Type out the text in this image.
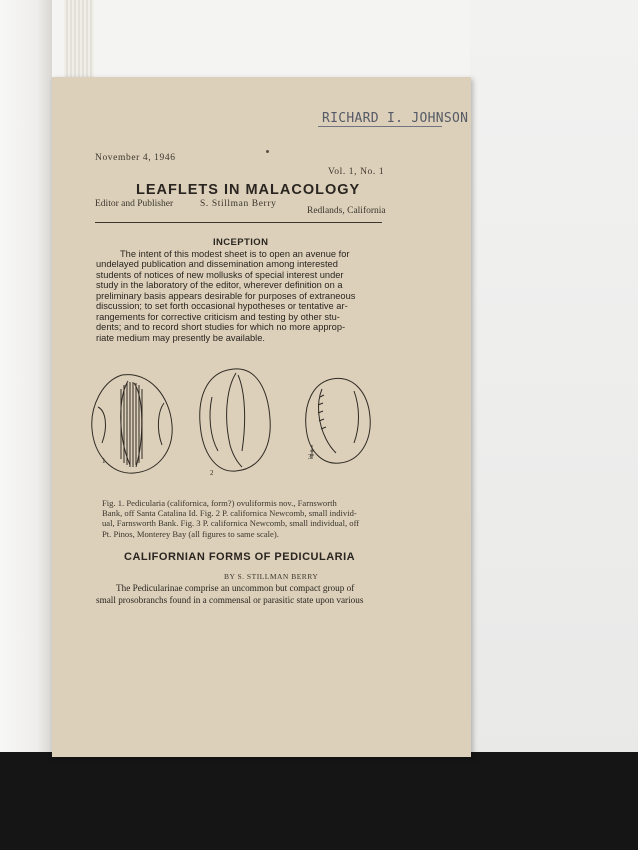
RICHARD I. JOHNSON
November 4, 1946
Vol. 1, No. 1
LEAFLETS IN MALACOLOGY
Editor and Publisher	S. Stillman Berry
Redlands, California
INCEPTION
The intent of this modest sheet is to open an avenue for
undelayed publication and dissemination among interested
students of notices of new mollusks of special interest under
study in the laboratory of the editor, wherever definition on a
preliminary basis appears desirable for purposes of extraneous
discussion; to set forth occasional hypotheses or tentative ar-
rangements for corrective criticism and testing by other stu-
dents; and to record short studies for which no more approp-
riate medium may presently be available.
1
2
3
Fig. 1. Pedicularia (californica, form?) ovuliformis nov., Farnsworth
Bank, off Santa Catalina Id. Fig. 2 P. californica Newcomb, small individ-
ual, Farnsworth Bank. Fig. 3 P. californica Newcomb, small individual, off
Pt. Pinos, Monterey Bay (all figures to same scale).
CALIFORNIAN FORMS OF PEDICULARIA
BY S. STILLMAN BERRY
The Pedicularinae comprise an uncommon but compact group of
small prosobranchs found in a commensal or parasitic state upon various
